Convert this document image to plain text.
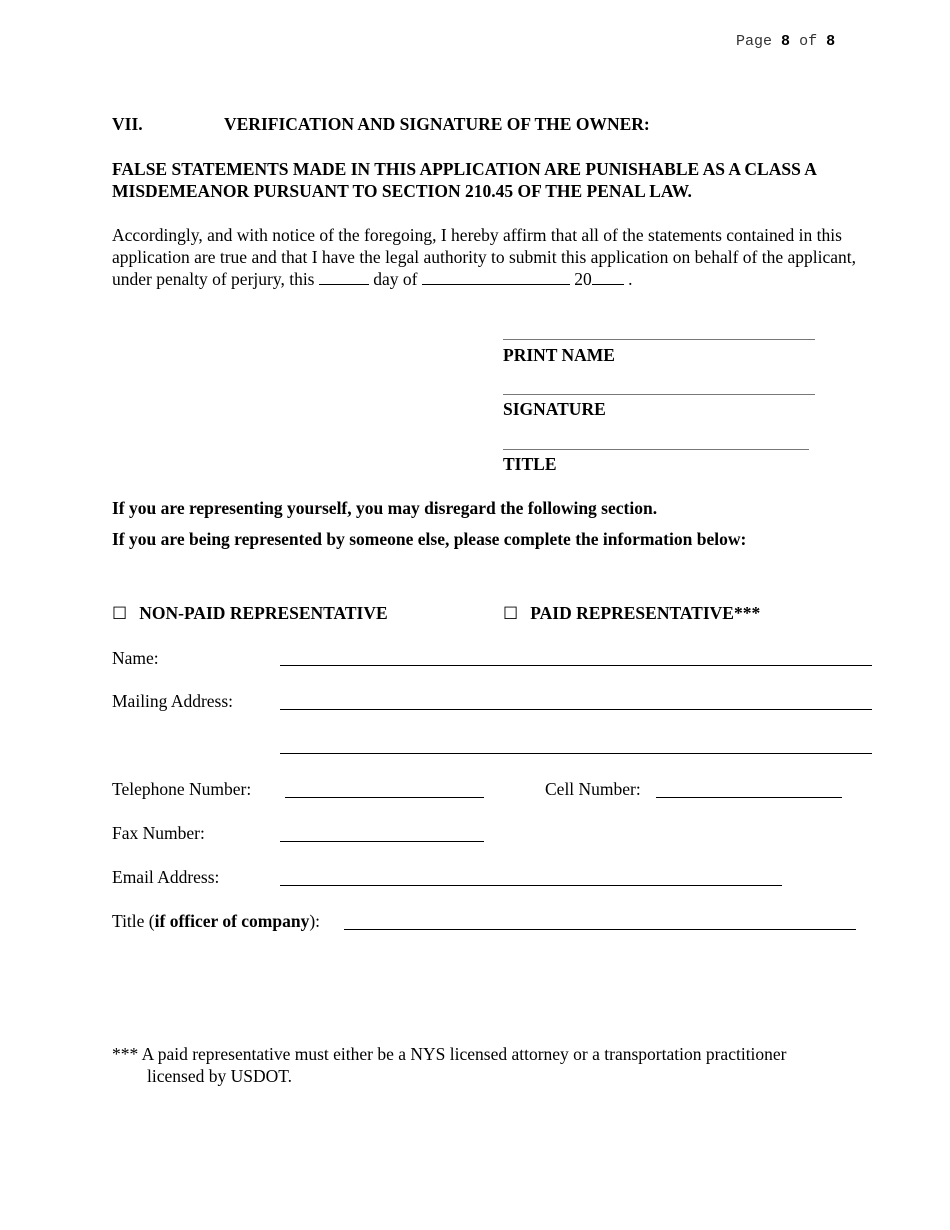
Page 8 of 8
VII.	VERIFICATION AND SIGNATURE OF THE OWNER:
FALSE STATEMENTS MADE IN THIS APPLICATION ARE PUNISHABLE AS A CLASS A MISDEMEANOR PURSUANT TO SECTION 210.45 OF THE PENAL LAW.
Accordingly, and with notice of the foregoing, I hereby affirm that all of the statements contained in this application are true and that I have the legal authority to submit this application on behalf of the applicant, under penalty of perjury, this	day of	20 .
PRINT NAME
SIGNATURE
TITLE
If you are representing yourself, you may disregard the following section.
If you are being represented by someone else, please complete the information below:
☐ NON-PAID REPRESENTATIVE	☐ PAID REPRESENTATIVE***
Name:
Mailing Address:
Telephone Number:	Cell Number:
Fax Number:
Email Address:
Title (if officer of company):
*** A paid representative must either be a NYS licensed attorney or a transportation practitioner
licensed by USDOT.
